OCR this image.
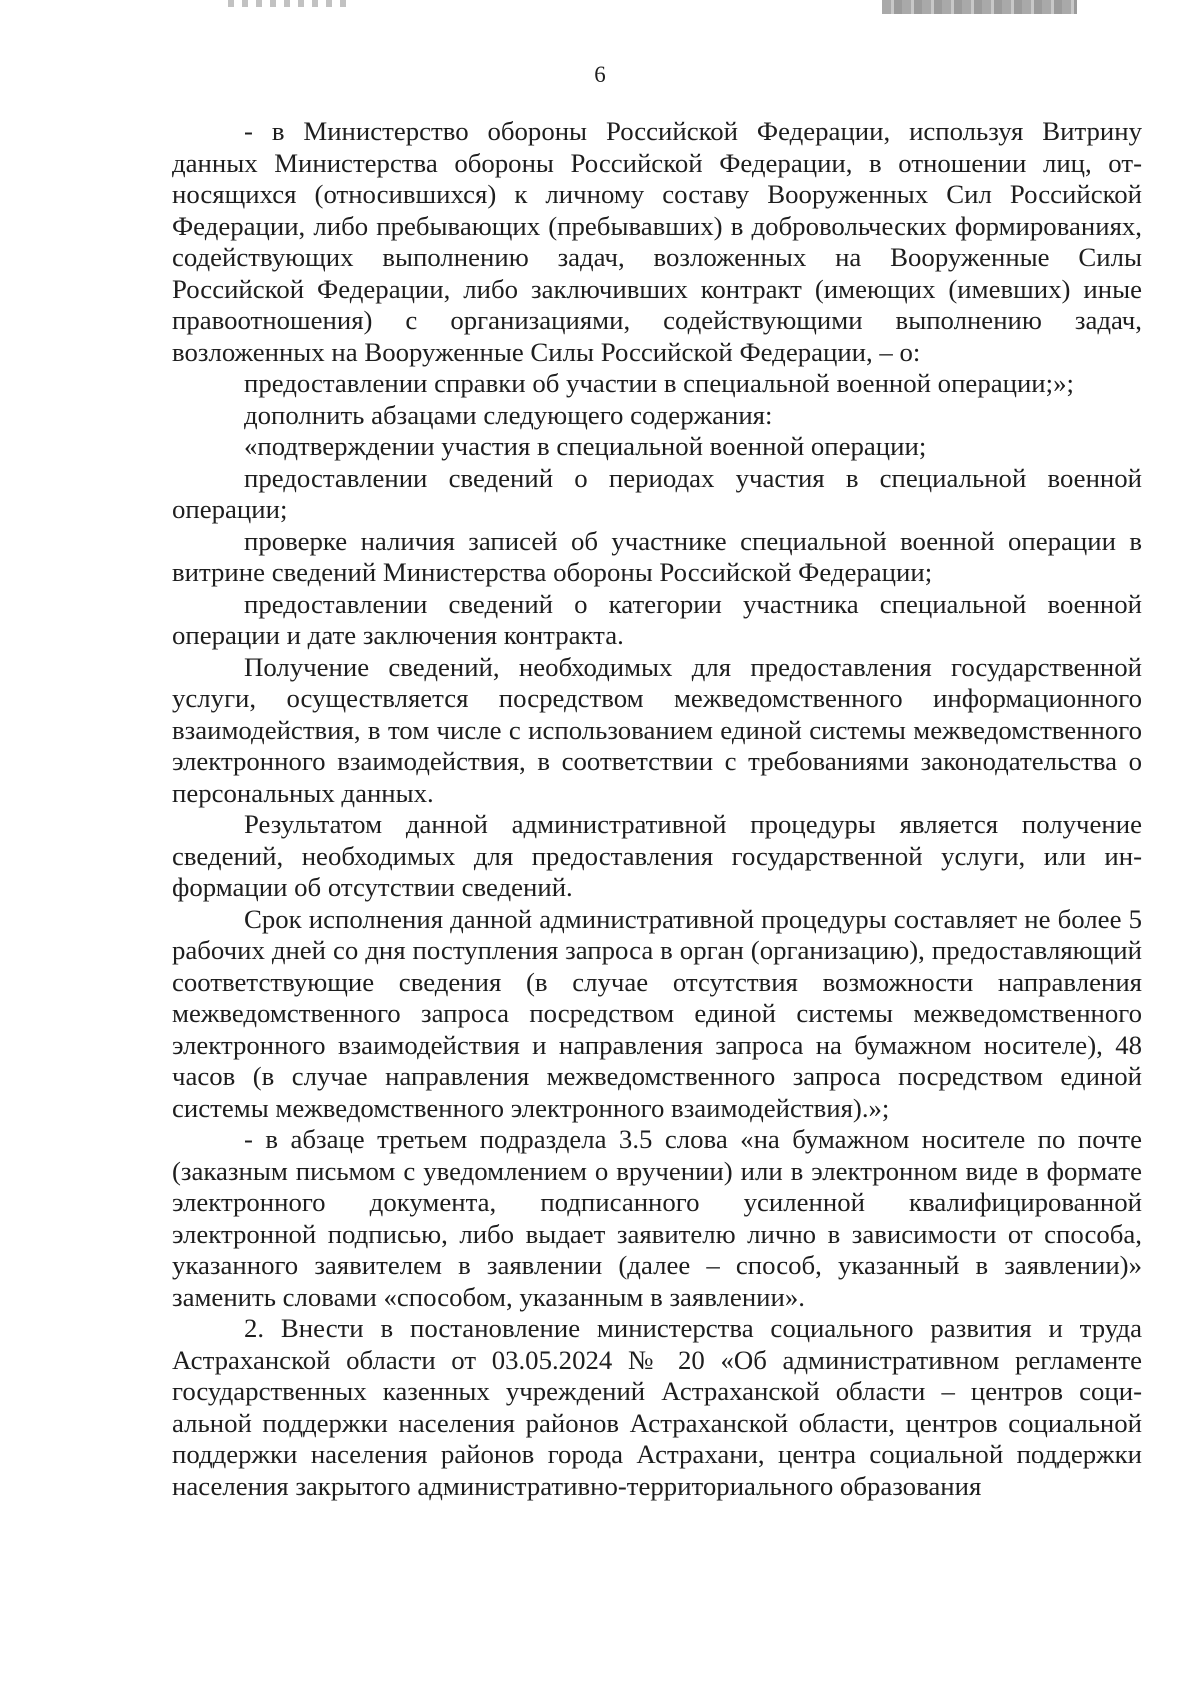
6

- в Министерство обороны Российской Федерации, используя Витрину данных Министерства обороны Российской Федерации, в отношении лиц, относящихся (относившихся) к личному составу Вооруженных Сил Российской Федерации, либо пребывающих (пребывавших) в добровольческих формированиях, содействующих выполнению задач, возложенных на Вооруженные Силы Российской Федерации, либо заключивших контракт (имеющих (имевших) иные правоотношения) с организациями, содействующими выполнению задач, возложенных на Вооруженные Силы Российской Федерации, – о:

предоставлении справки об участии в специальной военной операции;»;

дополнить абзацами следующего содержания:

«подтверждении участия в специальной военной операции;

предоставлении сведений о периодах участия в специальной военной операции;

проверке наличия записей об участнике специальной военной операции в витрине сведений Министерства обороны Российской Федерации;

предоставлении сведений о категории участника специальной военной операции и дате заключения контракта.

Получение сведений, необходимых для предоставления государственной услуги, осуществляется посредством межведомственного информационного взаимодействия, в том числе с использованием единой системы межведомственного электронного взаимодействия, в соответствии с требованиями законодательства о персональных данных.

Результатом данной административной процедуры является получение сведений, необходимых для предоставления государственной услуги, или информации об отсутствии сведений.

Срок исполнения данной административной процедуры составляет не более 5 рабочих дней со дня поступления запроса в орган (организацию), предоставляющий соответствующие сведения (в случае отсутствия возможности направления межведомственного запроса посредством единой системы межведомственного электронного взаимодействия и направления запроса на бумажном носителе), 48 часов (в случае направления межведомственного запроса посредством единой системы межведомственного электронного взаимодействия).»;

- в абзаце третьем подраздела 3.5 слова «на бумажном носителе по почте (заказным письмом с уведомлением о вручении) или в электронном виде в формате электронного документа, подписанного усиленной квалифицированной электронной подписью, либо выдает заявителю лично в зависимости от способа, указанного заявителем в заявлении (далее – способ, указанный в заявлении)» заменить словами «способом, указанным в заявлении».

2. Внести в постановление министерства социального развития и труда Астраханской области от 03.05.2024 № 20 «Об административном регламенте государственных казенных учреждений Астраханской области – центров социальной поддержки населения районов Астраханской области, центров социальной поддержки населения районов города Астрахани, центра социальной поддержки населения закрытого административно-территориального образования
